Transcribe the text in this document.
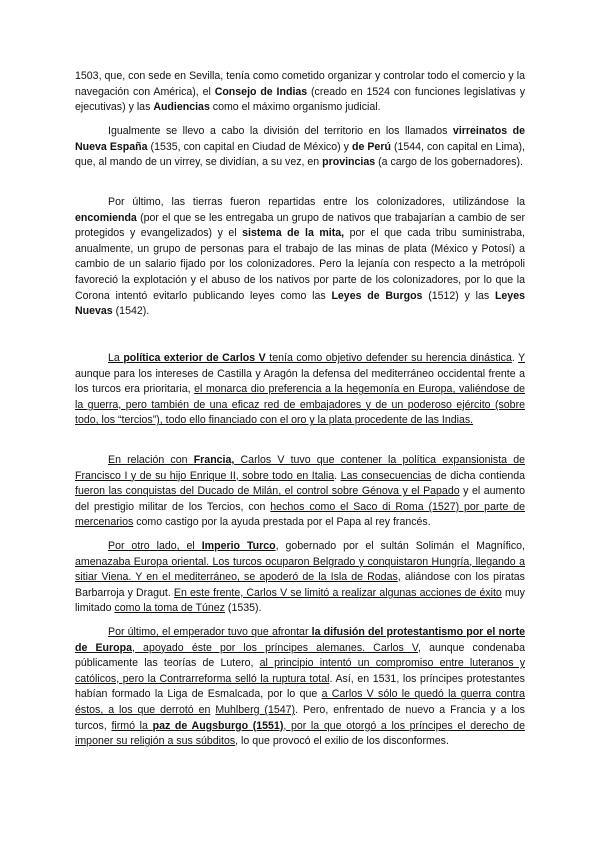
1503, que, con sede en Sevilla, tenía como cometido organizar y controlar todo el comercio y la navegación con América), el Consejo de Indias (creado en 1524 con funciones legislativas y ejecutivas) y las Audiencias como el máximo organismo judicial.

Igualmente se llevo a cabo la división del territorio en los llamados virreinatos de Nueva España (1535, con capital en Ciudad de México) y de Perú (1544, con capital en Lima), que, al mando de un virrey, se dividían, a su vez, en provincias (a cargo de los gobernadores).

Por último, las tierras fueron repartidas entre los colonizadores, utilizándose la encomienda (por el que se les entregaba un grupo de nativos que trabajarían a cambio de ser protegidos y evangelizados) y el sistema de la mita, por el que cada tribu suministraba, anualmente, un grupo de personas para el trabajo de las minas de plata (México y Potosí) a cambio de un salario fijado por los colonizadores. Pero la lejanía con respecto a la metrópoli favoreció la explotación y el abuso de los nativos por parte de los colonizadores, por lo que la Corona intentó evitarlo publicando leyes como las Leyes de Burgos (1512) y las Leyes Nuevas (1542).

La política exterior de Carlos V tenía como objetivo defender su herencia dinástica. Y aunque para los intereses de Castilla y Aragón la defensa del mediterráneo occidental frente a los turcos era prioritaria, el monarca dio preferencia a la hegemonía en Europa, valiéndose de la guerra, pero también de una eficaz red de embajadores y de un poderoso ejército (sobre todo, los “tercios”), todo ello financiado con el oro y la plata procedente de las Indias.

En relación con Francia, Carlos V tuvo que contener la política expansionista de Francisco I y de su hijo Enrique II, sobre todo en Italia. Las consecuencias de dicha contienda fueron las conquistas del Ducado de Milán, el control sobre Génova y el Papado y el aumento del prestigio militar de los Tercios, con hechos como el Saco di Roma (1527) por parte de mercenarios como castigo por la ayuda prestada por el Papa al rey francés.

Por otro lado, el Imperio Turco, gobernado por el sultán Solimán el Magnífico, amenazaba Europa oriental. Los turcos ocuparon Belgrado y conquistaron Hungría, llegando a sitiar Viena. Y en el mediterráneo, se apoderó de la Isla de Rodas, aliándose con los piratas Barbarroja y Dragut. En este frente, Carlos V se limitó a realizar algunas acciones de éxito muy limitado como la toma de Túnez (1535).

Por último, el emperador tuvo que afrontar la difusión del protestantismo por el norte de Europa, apoyado éste por los príncipes alemanes. Carlos V, aunque condenaba públicamente las teorías de Lutero, al principio intentó un compromiso entre luteranos y católicos, pero la Contrarreforma selló la ruptura total. Así, en 1531, los príncipes protestantes habían formado la Liga de Esmalcada, por lo que a Carlos V sólo le quedó la guerra contra éstos, a los que derrotó en Muhlberg (1547). Pero, enfrentado de nuevo a Francia y a los turcos, firmó la paz de Augsburgo (1551), por la que otorgó a los príncipes el derecho de imponer su religión a sus súbditos, lo que provocó el exilio de los disconformes.
